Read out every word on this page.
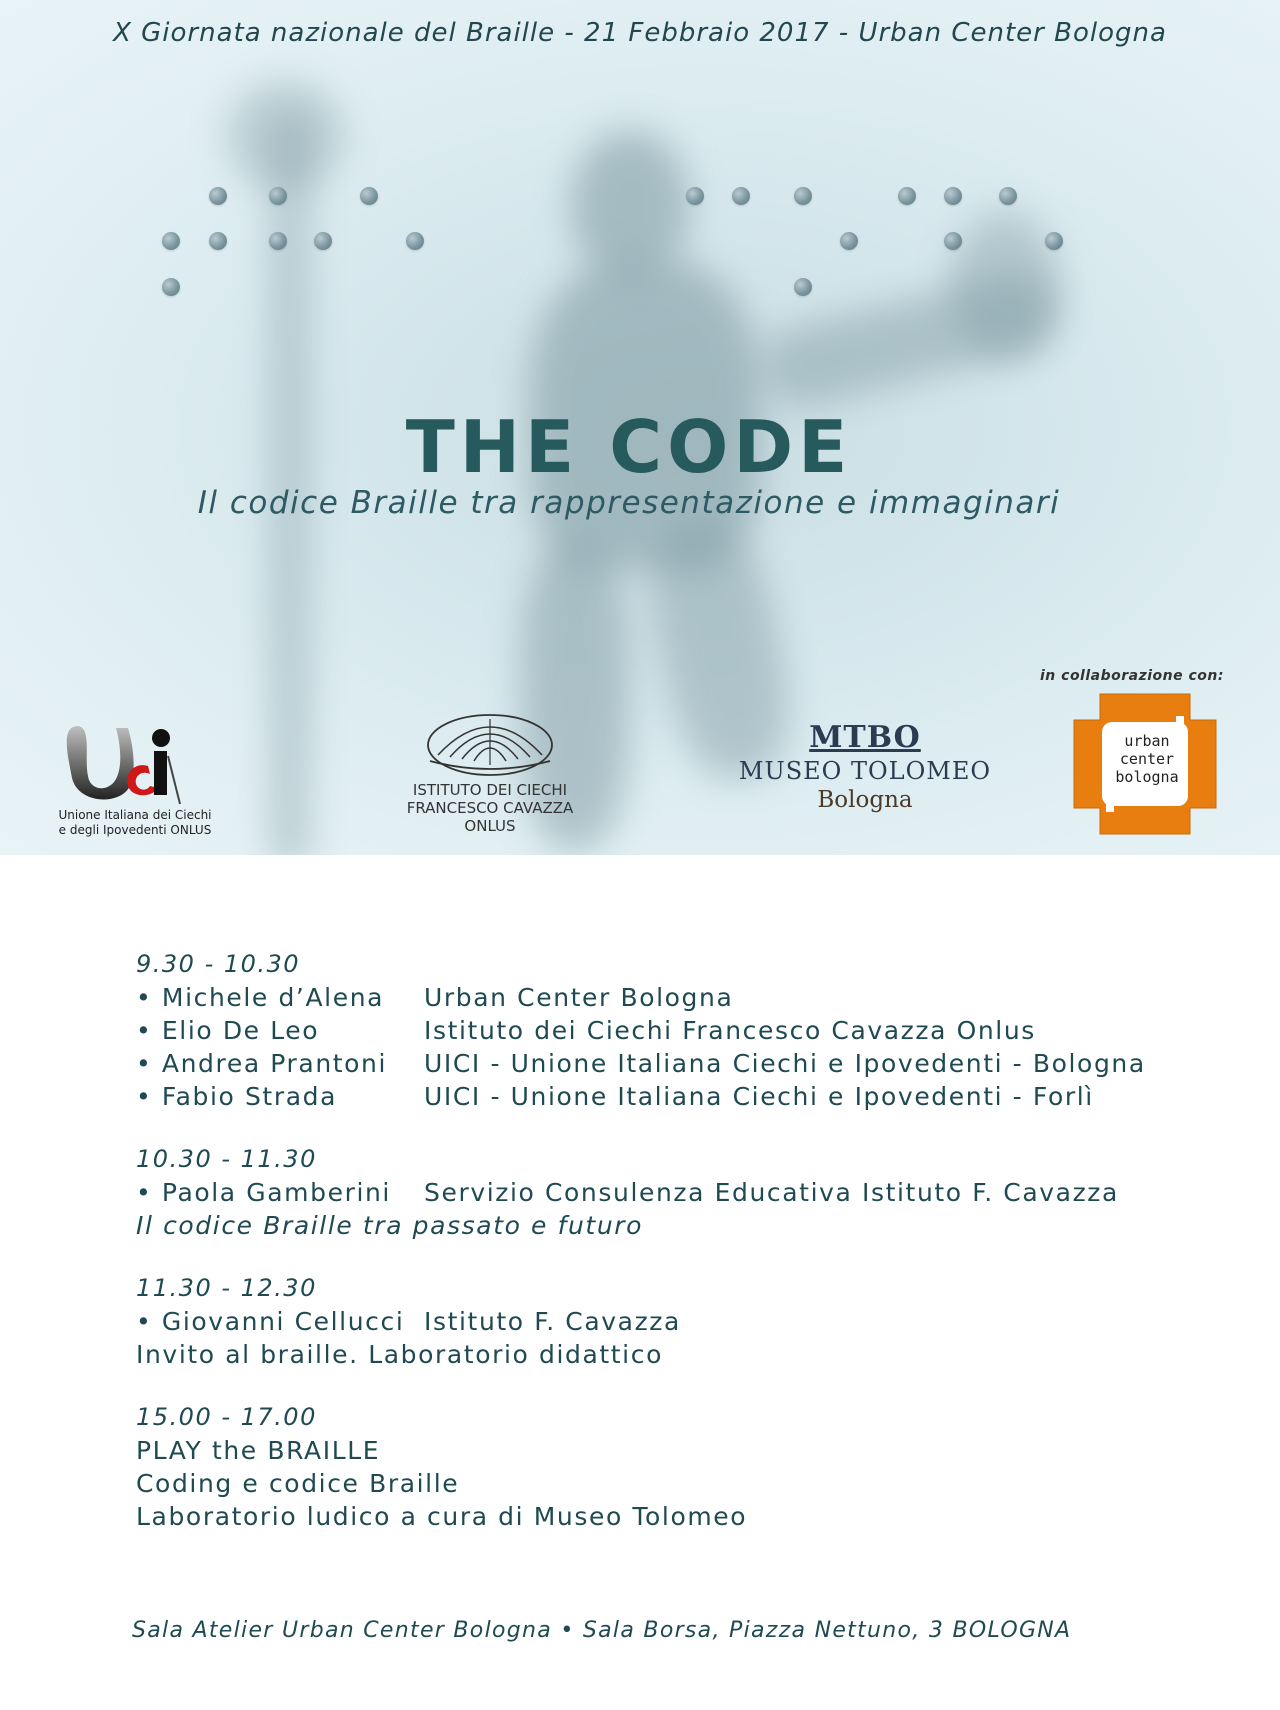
X Giornata nazionale del Braille - 21 Febbraio 2017 - Urban Center Bologna
THE CODE
Il codice Braille tra rappresentazione e immaginari
Unione Italiana dei Ciechi
e degli Ipovedenti ONLUS
ISTITUTO DEI CIECHI
FRANCESCO CAVAZZA
ONLUS
MTBO
MUSEO TOLOMEO
Bologna
in collaborazione con:
urban
center
bologna
9.30 - 10.30
• Michele d’Alena	Urban Center Bologna
• Elio De Leo	Istituto dei Ciechi Francesco Cavazza Onlus
• Andrea Prantoni	UICI - Unione Italiana Ciechi e Ipovedenti - Bologna
• Fabio Strada	UICI - Unione Italiana Ciechi e Ipovedenti - Forlì
10.30 - 11.30
• Paola Gamberini	Servizio Consulenza Educativa Istituto F. Cavazza
Il codice Braille tra passato e futuro
11.30 - 12.30
• Giovanni Cellucci Istituto F. Cavazza
Invito al braille. Laboratorio didattico
15.00 - 17.00
PLAY the BRAILLE
Coding e codice Braille
Laboratorio ludico a cura di Museo Tolomeo
Sala Atelier Urban Center Bologna • Sala Borsa, Piazza Nettuno, 3 BOLOGNA
